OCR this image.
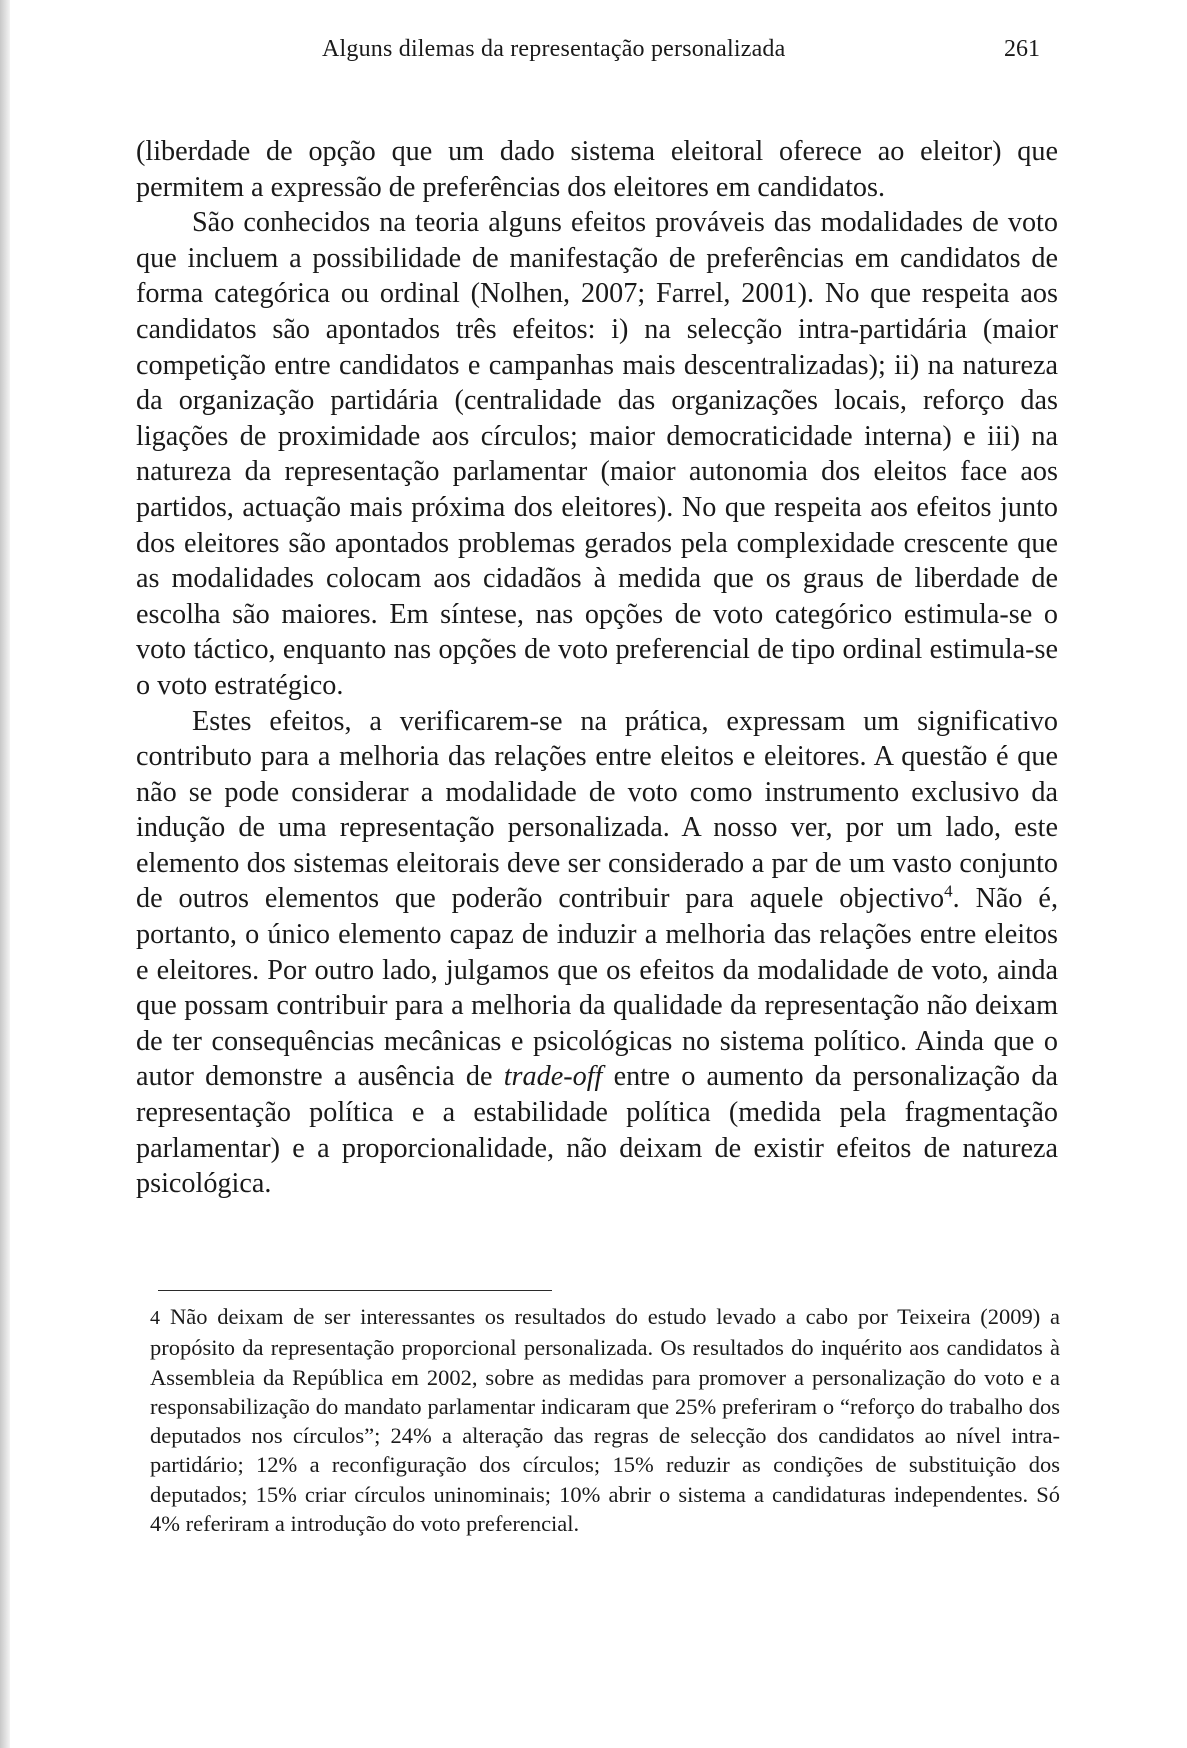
Alguns dilemas da representação personalizada	261

(liberdade de opção que um dado sistema eleitoral oferece ao eleitor) que permitem a expressão de preferências dos eleitores em candidatos.

São conhecidos na teoria alguns efeitos prováveis das modalidades de voto que incluem a possibilidade de manifestação de preferências em candidatos de forma categórica ou ordinal (Nolhen, 2007; Farrel, 2001). No que respeita aos candidatos são apontados três efeitos: i) na selecção intra-partidária (maior competição entre candidatos e campanhas mais descentralizadas); ii) na natureza da organização partidária (centralidade das organizações locais, reforço das ligações de proximidade aos círculos; maior democraticidade interna) e iii) na natureza da representação parlamentar (maior autonomia dos eleitos face aos partidos, actuação mais próxima dos eleitores). No que respeita aos efeitos junto dos eleitores são apontados problemas gerados pela complexidade crescente que as modalidades colocam aos cidadãos à medida que os graus de liberdade de escolha são maiores. Em síntese, nas opções de voto categórico estimula-se o voto táctico, enquanto nas opções de voto preferencial de tipo ordinal estimula-se o voto estratégico.

Estes efeitos, a verificarem-se na prática, expressam um significativo contributo para a melhoria das relações entre eleitos e eleitores. A questão é que não se pode considerar a modalidade de voto como instrumento exclusivo da indução de uma representação personalizada. A nosso ver, por um lado, este elemento dos sistemas eleitorais deve ser considerado a par de um vasto conjunto de outros elementos que poderão contribuir para aquele objectivo$^4$. Não é, portanto, o único elemento capaz de induzir a melhoria das relações entre eleitos e eleitores. Por outro lado, julgamos que os efeitos da modalidade de voto, ainda que possam contribuir para a melhoria da qualidade da representação não deixam de ter consequências mecânicas e psicológicas no sistema político. Ainda que o autor demonstre a ausência de trade-off entre o aumento da personalização da representação política e a estabilidade política (medida pela fragmentação parlamentar) e a proporcionalidade, não deixam de existir efeitos de natureza psicológica.

4 Não deixam de ser interessantes os resultados do estudo levado a cabo por Teixeira (2009) a propósito da representação proporcional personalizada. Os resultados do inquérito aos candidatos à Assembleia da República em 2002, sobre as medidas para promover a personalização do voto e a responsabilização do mandato parlamentar indicaram que 25% preferiram o “reforço do trabalho dos deputados nos círculos”; 24% a alteração das regras de selecção dos candidatos ao nível intra-partidário; 12% a reconfiguração dos círculos; 15% reduzir as condições de substituição dos deputados; 15% criar círculos uninominais; 10% abrir o sistema a candidaturas independentes. Só 4% referiram a introdução do voto preferencial.
